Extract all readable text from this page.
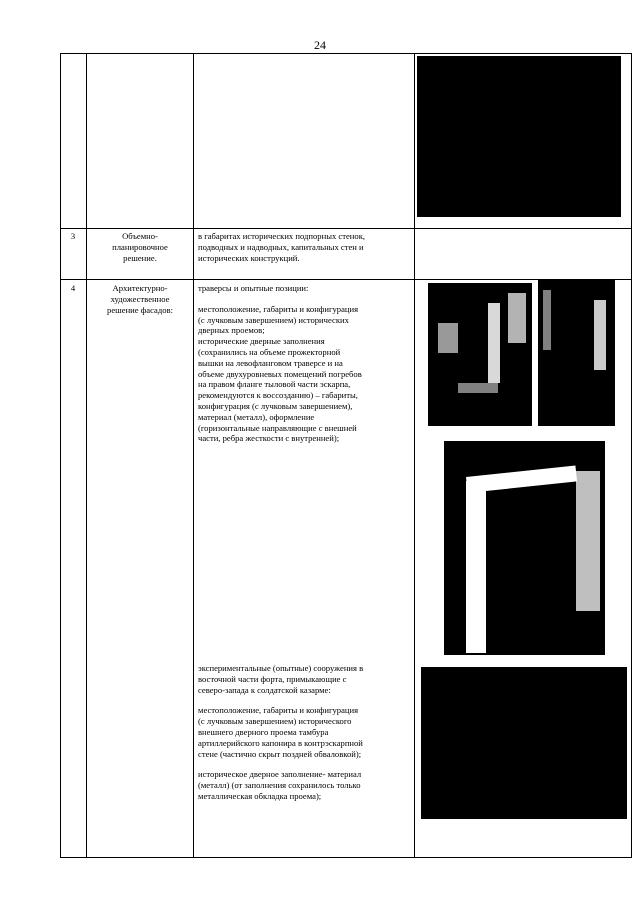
24
3	Объемно-
планировочное
решение.
в габаритах исторических подпорных стенок,
подводных и надводных, капитальных стен и
исторических конструкций.
4	Архитектурно-
художественное
решение фасадов:
траверсы и опытные позиции:
местоположение, габариты и конфигурация
(с лучковым завершением) исторических
дверных проемов;
исторические дверные заполнения
(сохранились на объеме прожекторной
вышки на левофланговом траверсе и на
объеме двухуровневых помещений погребов
на правом фланге тыловой части эскарпа,
рекомендуются к воссозданию) – габариты,
конфигурация (с лучковым завершением),
материал (металл), оформление
(горизонтальные направляющие с внешней
части, ребра жесткости с внутренней);
экспериментальные (опытные) сооружения в
восточной части форта, примыкающие с
северо-запада к солдатской казарме:
местоположение, габариты и конфигурация
(с лучковым завершением) исторического
внешнего дверного проема тамбура
артиллерийского капонира в контрэскарпной
стене (частично скрыт поздней обваловкой);
историческое дверное заполнение- материал
(металл) (от заполнения сохранилось только
металлическая обкладка проема);
